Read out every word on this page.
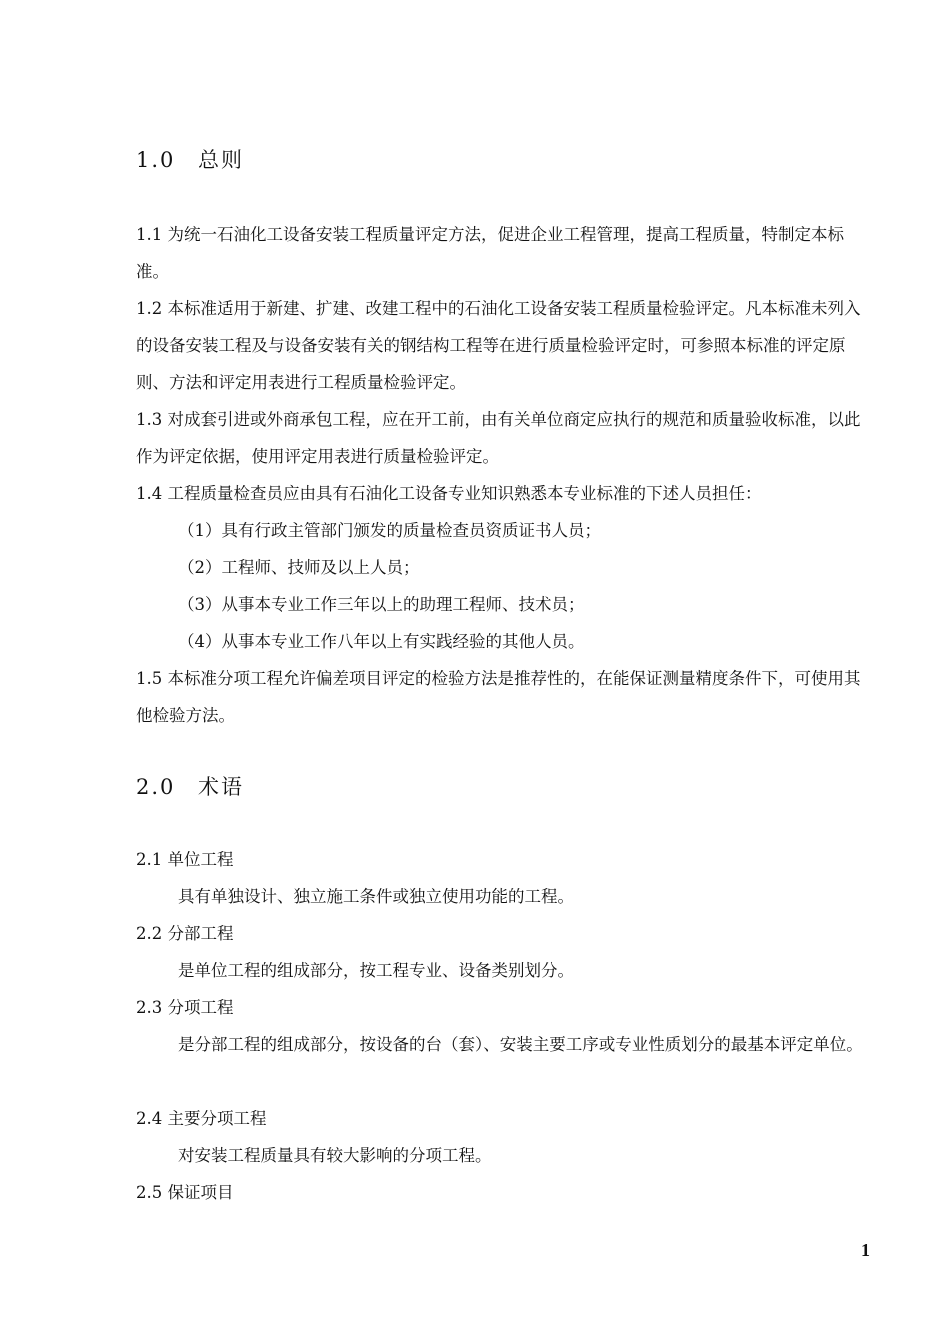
1.0 总则

1.1 为统一石油化工设备安装工程质量评定方法，促进企业工程管理，提高工程质量，特制定本标准。

1.2 本标准适用于新建、扩建、改建工程中的石油化工设备安装工程质量检验评定。凡本标准未列入的设备安装工程及与设备安装有关的钢结构工程等在进行质量检验评定时，可参照本标准的评定原则、方法和评定用表进行工程质量检验评定。

1.3 对成套引进或外商承包工程，应在开工前，由有关单位商定应执行的规范和质量验收标准，以此作为评定依据，使用评定用表进行质量检验评定。

1.4 工程质量检查员应由具有石油化工设备专业知识熟悉本专业标准的下述人员担任：

（1）具有行政主管部门颁发的质量检查员资质证书人员；

（2）工程师、技师及以上人员；

（3）从事本专业工作三年以上的助理工程师、技术员；

（4）从事本专业工作八年以上有实践经验的其他人员。

1.5 本标准分项工程允许偏差项目评定的检验方法是推荐性的，在能保证测量精度条件下，可使用其他检验方法。

2.0 术语

2.1 单位工程

具有单独设计、独立施工条件或独立使用功能的工程。

2.2 分部工程

是单位工程的组成部分，按工程专业、设备类别划分。

2.3 分项工程

是分部工程的组成部分，按设备的台（套）、安装主要工序或专业性质划分的最基本评定单位。

2.4 主要分项工程

对安装工程质量具有较大影响的分项工程。

2.5 保证项目

1
